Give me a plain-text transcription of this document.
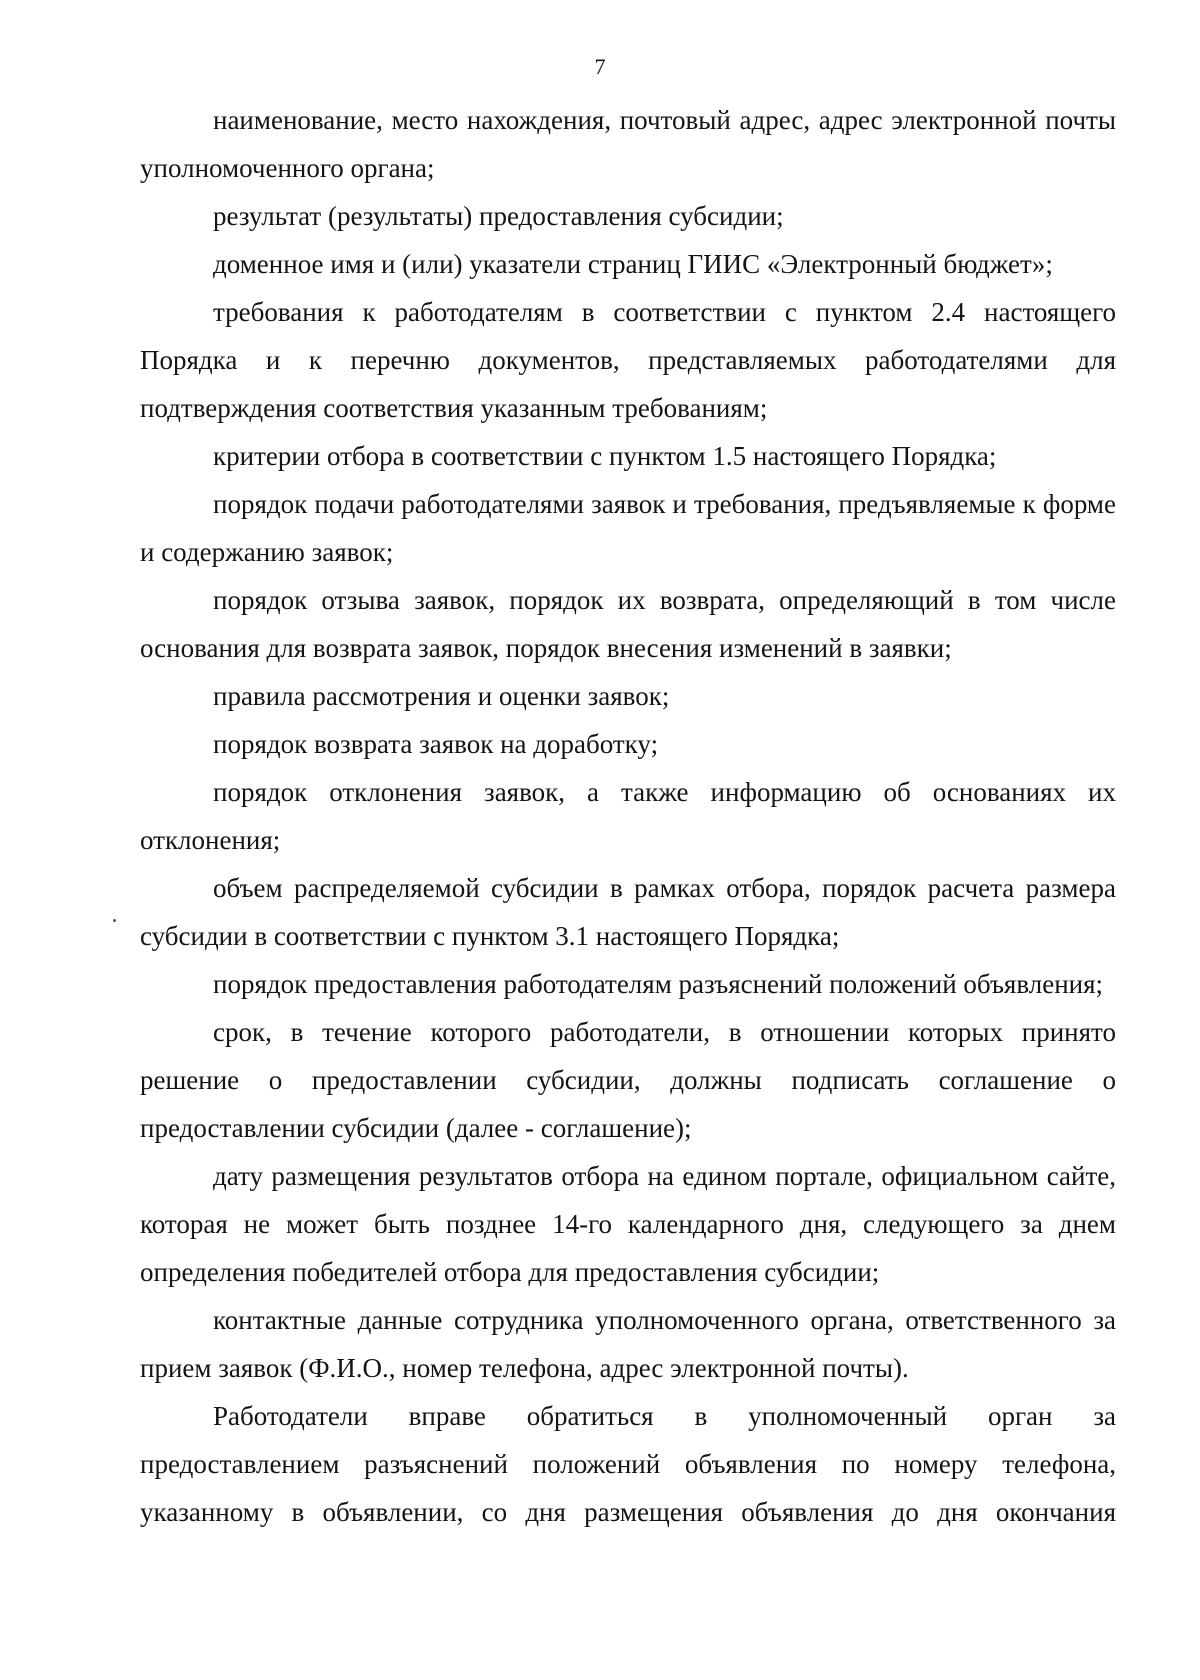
7

наименование, место нахождения, почтовый адрес, адрес электронной почты уполномоченного органа;

результат (результаты) предоставления субсидии;

доменное имя и (или) указатели страниц ГИИС «Электронный бюджет»;

требования к работодателям в соответствии с пунктом 2.4 настоящего Порядка и к перечню документов, представляемых работодателями для подтверждения соответствия указанным требованиям;

критерии отбора в соответствии с пунктом 1.5 настоящего Порядка;

порядок подачи работодателями заявок и требования, предъявляемые к форме и содержанию заявок;

порядок отзыва заявок, порядок их возврата, определяющий в том числе основания для возврата заявок, порядок внесения изменений в заявки;

правила рассмотрения и оценки заявок;

порядок возврата заявок на доработку;

порядок отклонения заявок, а также информацию об основаниях их отклонения;

объем распределяемой субсидии в рамках отбора, порядок расчета размера субсидии в соответствии с пунктом 3.1 настоящего Порядка;

порядок предоставления работодателям разъяснений положений объявления;

срок, в течение которого работодатели, в отношении которых принято решение о предоставлении субсидии, должны подписать соглашение о предоставлении субсидии (далее - соглашение);

дату размещения результатов отбора на едином портале, официальном сайте, которая не может быть позднее 14-го календарного дня, следующего за днем определения победителей отбора для предоставления субсидии;

контактные данные сотрудника уполномоченного органа, ответственного за прием заявок (Ф.И.О., номер телефона, адрес электронной почты).

Работодатели вправе обратиться в уполномоченный орган за предоставлением разъяснений положений объявления по номеру телефона, указанному в объявлении, со дня размещения объявления до дня окончания
